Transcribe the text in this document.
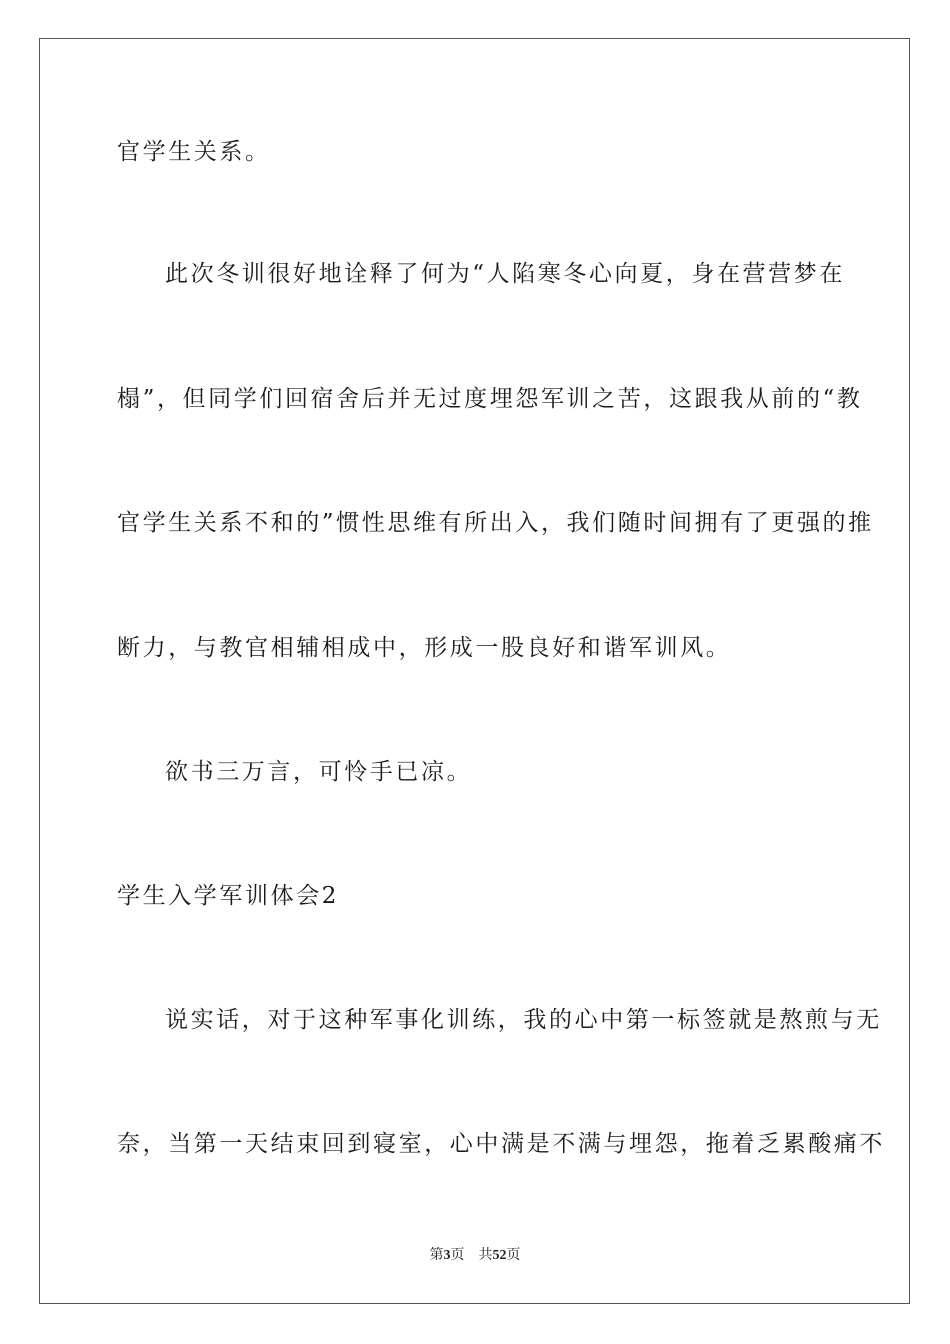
官学生关系。
此次冬训很好地诠释了何为“人陷寒冬心向夏，身在营营梦在
榻”，但同学们回宿舍后并无过度埋怨军训之苦，这跟我从前的“教
官学生关系不和的”惯性思维有所出入，我们随时间拥有了更强的推
断力，与教官相辅相成中，形成一股良好和谐军训风。
欲书三万言，可怜手已凉。
学生入学军训体会2
说实话，对于这种军事化训练，我的心中第一标签就是熬煎与无
奈，当第一天结束回到寝室，心中满是不满与埋怨，拖着乏累酸痛不
第3页 共52页
